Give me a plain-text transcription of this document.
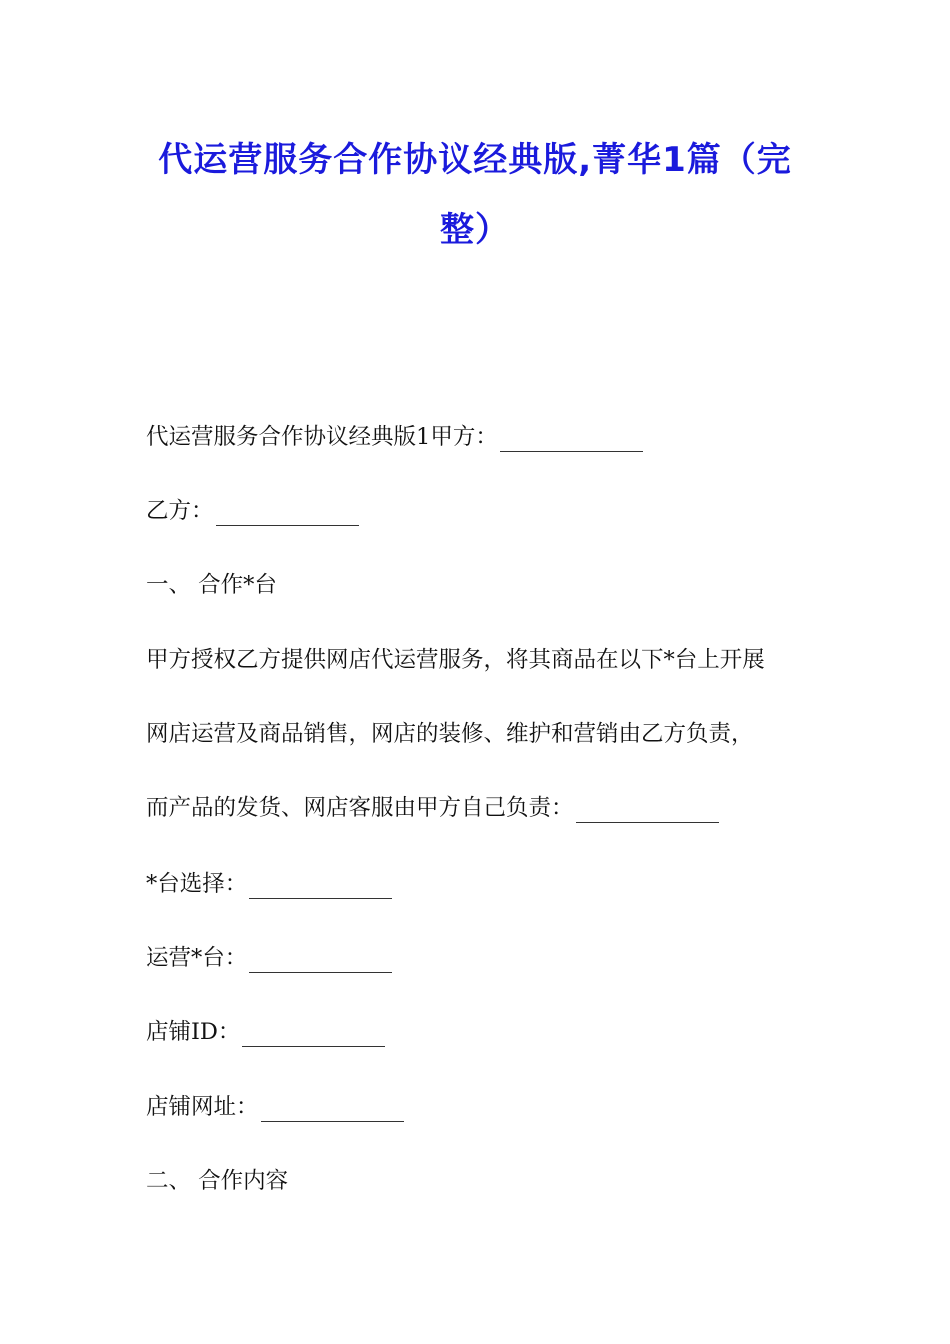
代运营服务合作协议经典版,菁华1篇（完
整）
代运营服务合作协议经典版1甲方：
乙方：
一、 合作*台
甲方授权乙方提供网店代运营服务，将其商品在以下*台上开展
网店运营及商品销售，网店的装修、维护和营销由乙方负责，
而产品的发货、网店客服由甲方自己负责：
*台选择：
运营*台：
店铺ID：
店铺网址：
二、 合作内容
